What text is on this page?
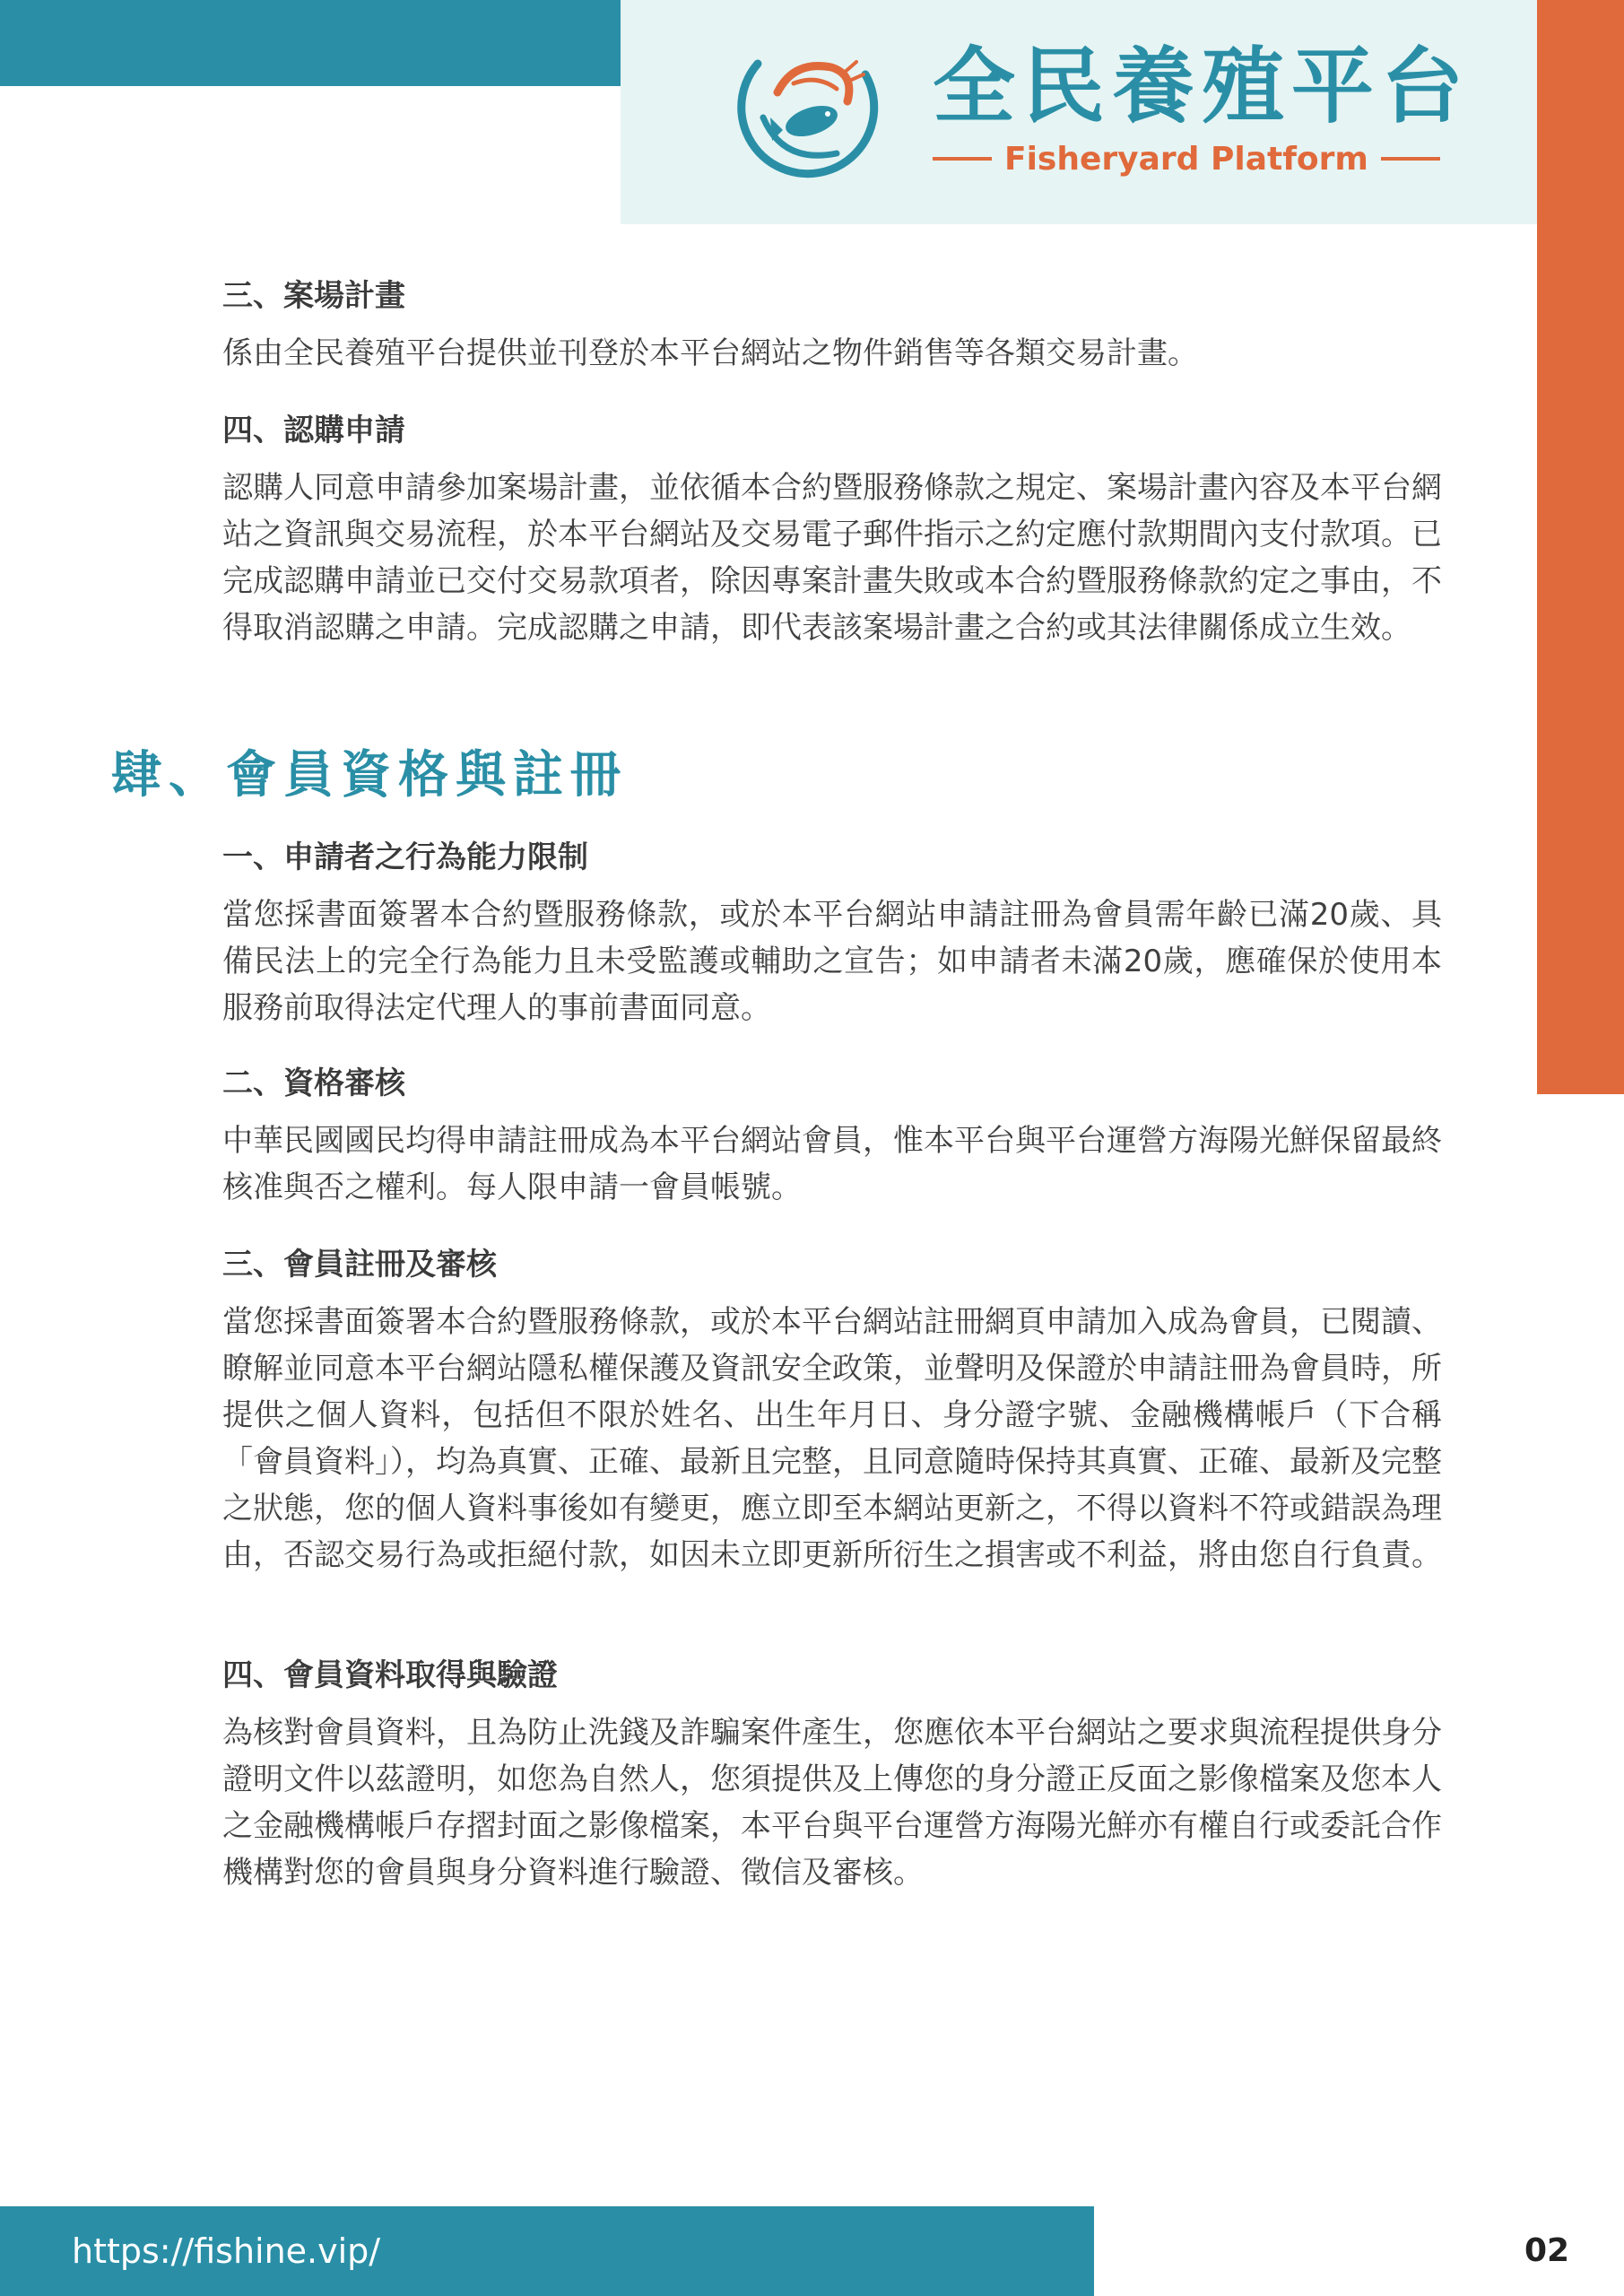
全民養殖平台
Fisheryard Platform
三、案場計畫

係由全民養殖平台提供並刊登於本平台網站之物件銷售等各類交易計畫。

四、認購申請

認購人同意申請參加案場計畫，並依循本合約暨服務條款之規定、案場計畫內容及本平台網站之資訊與交易流程，於本平台網站及交易電子郵件指示之約定應付款期間內支付款項。已完成認購申請並已交付交易款項者，除因專案計畫失敗或本合約暨服務條款約定之事由，不得取消認購之申請。完成認購之申請，即代表該案場計畫之合約或其法律關係成立生效。

肆、會員資格與註冊
一、申請者之行為能力限制

當您採書面簽署本合約暨服務條款，或於本平台網站申請註冊為會員需年齡已滿20歲、具備民法上的完全行為能力且未受監護或輔助之宣告；如申請者未滿20歲，應確保於使用本服務前取得法定代理人的事前書面同意。

二、資格審核

中華民國國民均得申請註冊成為本平台網站會員，惟本平台與平台運營方海陽光鮮保留最終核准與否之權利。每人限申請一會員帳號。

三、會員註冊及審核

當您採書面簽署本合約暨服務條款，或於本平台網站註冊網頁申請加入成為會員，已閱讀、瞭解並同意本平台網站隱私權保護及資訊安全政策，並聲明及保證於申請註冊為會員時，所提供之個人資料，包括但不限於姓名、出生年月日、身分證字號、金融機構帳戶（下合稱「會員資料」），均為真實、正確、最新且完整，且同意隨時保持其真實、正確、最新及完整之狀態，您的個人資料事後如有變更，應立即至本網站更新之，不得以資料不符或錯誤為理由，否認交易行為或拒絕付款，如因未立即更新所衍生之損害或不利益，將由您自行負責。

四、會員資料取得與驗證

為核對會員資料，且為防止洗錢及詐騙案件產生，您應依本平台網站之要求與流程提供身分證明文件以茲證明，如您為自然人，您須提供及上傳您的身分證正反面之影像檔案及您本人之金融機構帳戶存摺封面之影像檔案，本平台與平台運營方海陽光鮮亦有權自行或委託合作機構對您的會員與身分資料進行驗證、徵信及審核。

https://fishine.vip/	02
